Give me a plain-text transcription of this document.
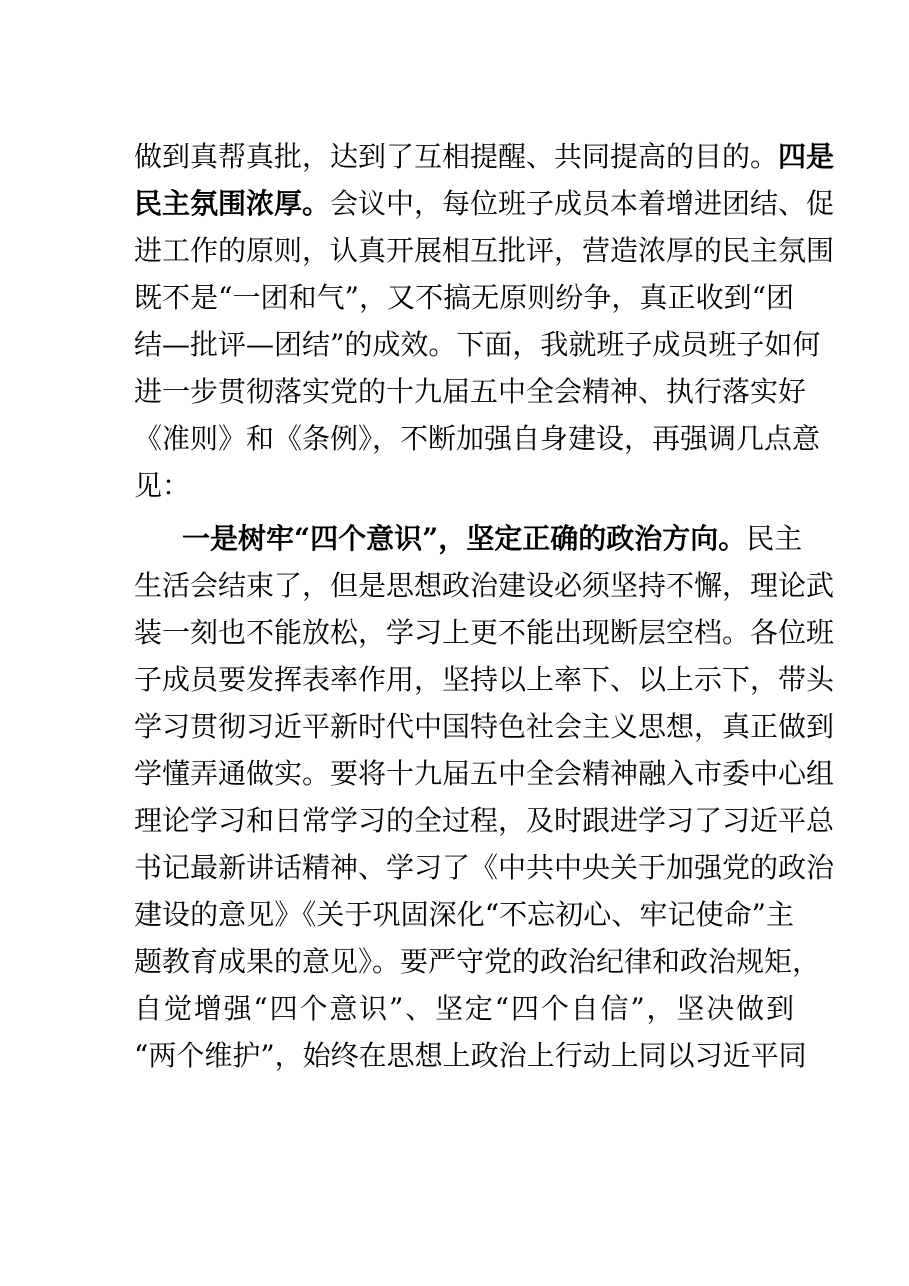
做到真帮真批，达到了互相提醒、共同提高的目的。四是
民主氛围浓厚。会议中，每位班子成员本着增进团结、促
进工作的原则，认真开展相互批评，营造浓厚的民主氛围
既不是“一团和气”，又不搞无原则纷争，真正收到“团
结—批评—团结”的成效。下面，我就班子成员班子如何
进一步贯彻落实党的十九届五中全会精神、执行落实好
《准则》和《条例》，不断加强自身建设，再强调几点意
见：
一是树牢“四个意识”，坚定正确的政治方向。民主
生活会结束了，但是思想政治建设必须坚持不懈，理论武
装一刻也不能放松，学习上更不能出现断层空档。各位班
子成员要发挥表率作用，坚持以上率下、以上示下，带头
学习贯彻习近平新时代中国特色社会主义思想，真正做到
学懂弄通做实。要将十九届五中全会精神融入市委中心组
理论学习和日常学习的全过程，及时跟进学习了习近平总
书记最新讲话精神、学习了《中共中央关于加强党的政治
建设的意见》《关于巩固深化“不忘初心、牢记使命”主
题教育成果的意见》。要严守党的政治纪律和政治规矩，
自觉增强“四个意识”、坚定“四个自信”，坚决做到
“两个维护”，始终在思想上政治上行动上同以习近平同
